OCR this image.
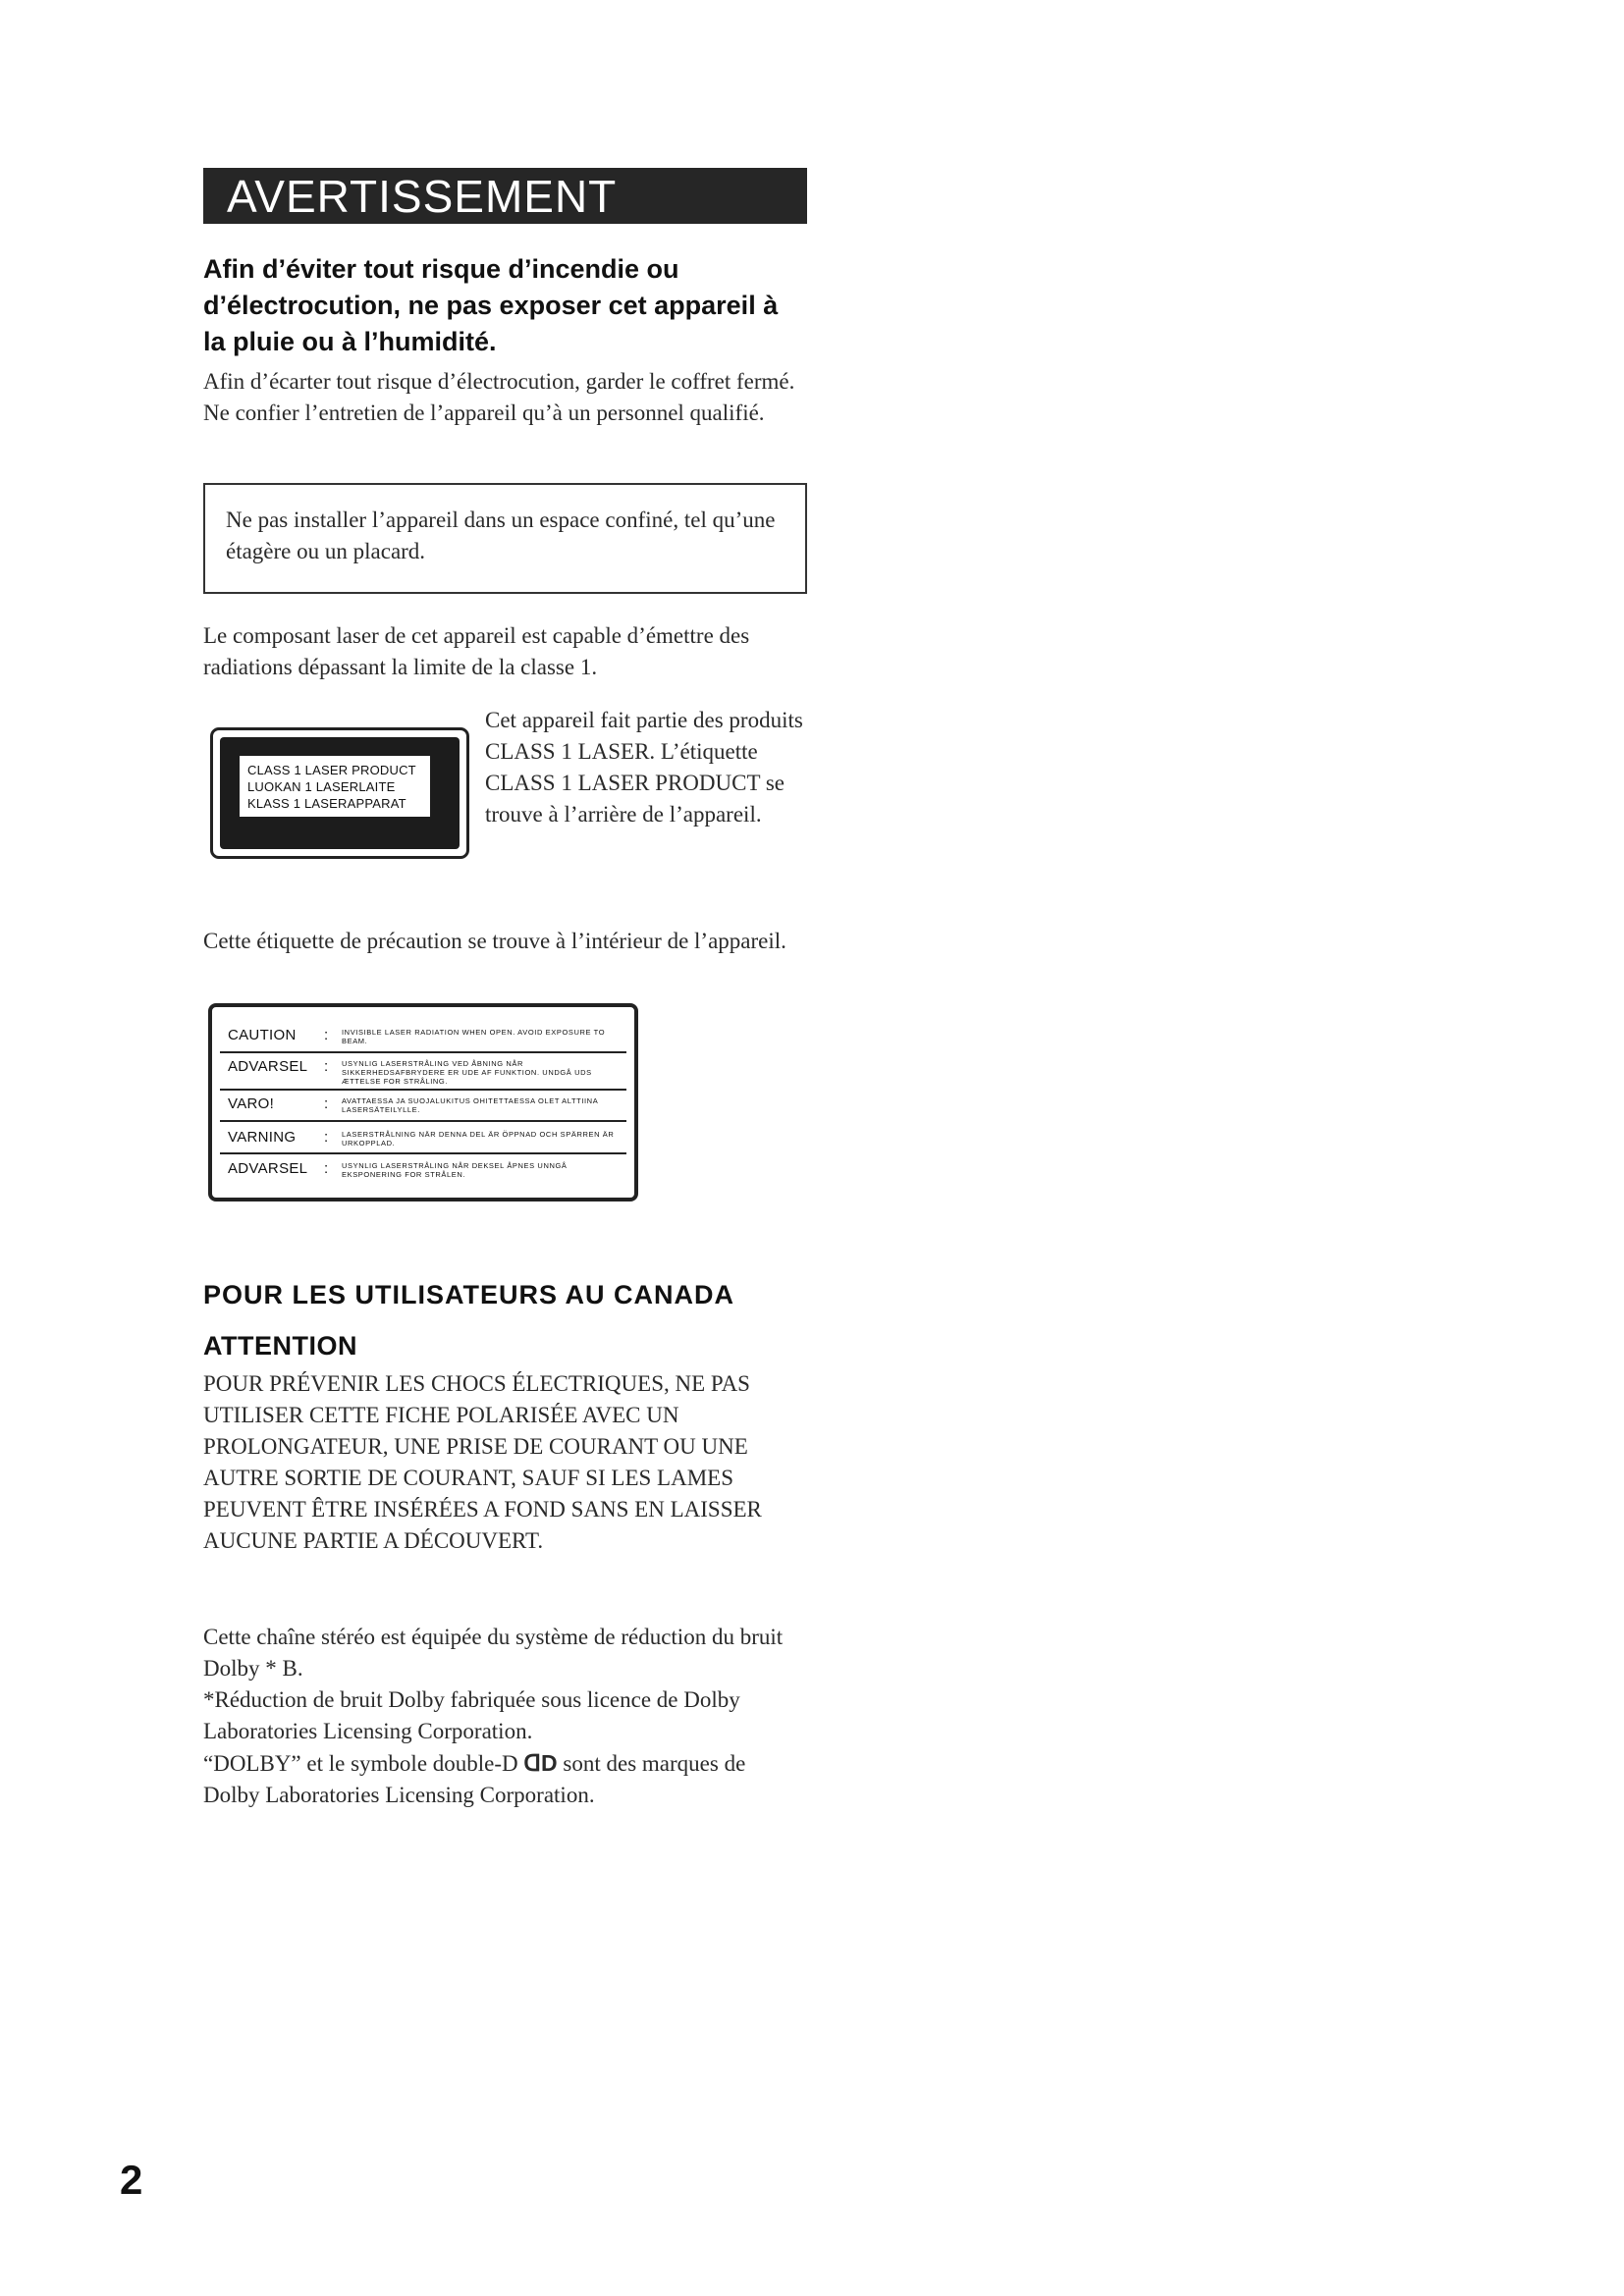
AVERTISSEMENT
Afin d’éviter tout risque d’incendie ou d’électrocution, ne pas exposer cet appareil à la pluie ou à l’humidité.
Afin d’écarter tout risque d’électrocution, garder le coffret fermé. Ne confier l’entretien de l’appareil qu’à un personnel qualifié.
Ne pas installer l’appareil dans un espace confiné, tel qu’une étagère ou un placard.
Le composant laser de cet appareil est capable d’émettre des radiations dépassant la limite de la classe 1.
CLASS 1 LASER PRODUCT
LUOKAN 1 LASERLAITE
KLASS 1 LASERAPPARAT
Cet appareil fait partie des produits CLASS 1 LASER. L’étiquette CLASS 1 LASER PRODUCT se trouve à l’arrière de l’appareil.
Cette étiquette de précaution se trouve à l’intérieur de l’appareil.
CAUTION : INVISIBLE LASER RADIATION WHEN OPEN. AVOID EXPOSURE TO BEAM.
ADVARSEL : USYNLIG LASERSTRÅLING VED ÅBNING NÅR SIKKERHEDSAFBRYDERE ER UDE AF FUNKTION. UNDGÅ UDS ÆTTELSE FOR STRÅLING.
VARO!	: AVATTAESSA JA SUOJALUKITUS OHITETTAESSA OLET ALTTIINA LASERSÄTEILYLLE.
VARNING : LASERSTRÅLNING NÄR DENNA DEL ÄR ÖPPNAD OCH SPÄRREN ÄR URKOPPLAD.
ADVARSEL : USYNLIG LASERSTRÅLING NÅR DEKSEL ÅPNES UNNGÅ EKSPONERING FOR STRÅLEN.
POUR LES UTILISATEURS AU CANADA
ATTENTION
POUR PRÉVENIR LES CHOCS ÉLECTRIQUES, NE PAS UTILISER CETTE FICHE POLARISÉE AVEC UN PROLONGATEUR, UNE PRISE DE COURANT OU UNE AUTRE SORTIE DE COURANT, SAUF SI LES LAMES PEUVENT ÊTRE INSÉRÉES A FOND SANS EN LAISSER AUCUNE PARTIE A DÉCOUVERT.
Cette chaîne stéréo est équipée du système de réduction du bruit Dolby * B.
*Réduction de bruit Dolby fabriquée sous licence de Dolby Laboratories Licensing Corporation.
“DOLBY” et le symbole double-D ᗡD sont des marques de Dolby Laboratories Licensing Corporation.
2
